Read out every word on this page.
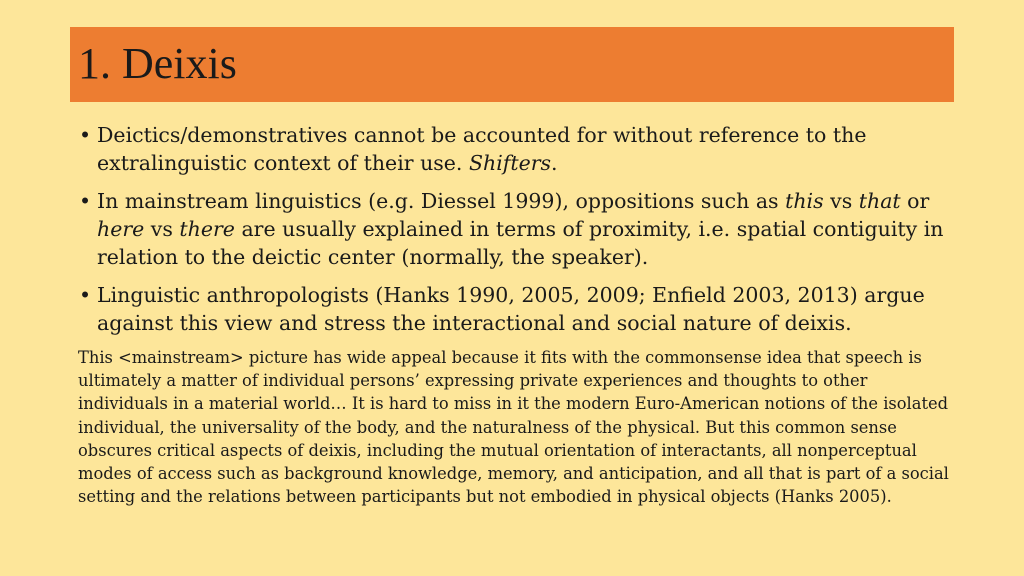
1. Deixis
• Deictics/demonstratives cannot be accounted for without reference to the extralinguistic context of their use. Shifters.
• In mainstream linguistics (e.g. Diessel 1999), oppositions such as this vs that or here vs there are usually explained in terms of proximity, i.e. spatial contiguity in relation to the deictic center (normally, the speaker).
• Linguistic anthropologists (Hanks 1990, 2005, 2009; Enfield 2003, 2013) argue against this view and stress the interactional and social nature of deixis.

This <mainstream> picture has wide appeal because it fits with the commonsense idea that speech is ultimately a matter of individual persons’ expressing private experiences and thoughts to other individuals in a material world… It is hard to miss in it the modern Euro-American notions of the isolated individual, the universality of the body, and the naturalness of the physical. But this common sense obscures critical aspects of deixis, including the mutual orientation of interactants, all nonperceptual modes of access such as background knowledge, memory, and anticipation, and all that is part of a social setting and the relations between participants but not embodied in physical objects (Hanks 2005).
